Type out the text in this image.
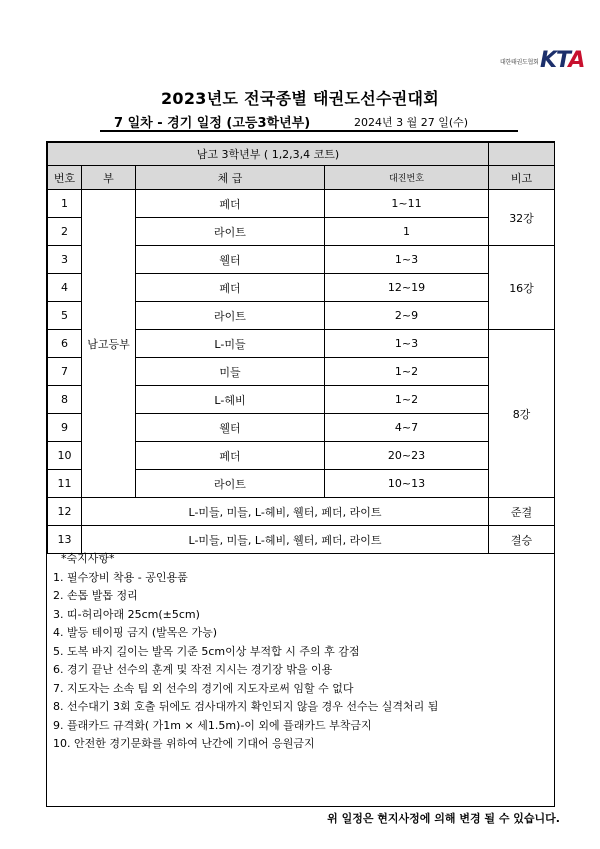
대한태권도협회 KTA
2023년도 전국종별 태권도선수권대회
7 일차 - 경기 일정 (고등3학년부)	2024년 3 월 27 일(수)
남고 3학년부 ( 1,2,3,4 코트)				
번호	부	체 급	대진번호	비고
1	남고등부	페더	1~11	32강
2		라이트	1	
3		웰터	1~3	16강
4		페더	12~19	
5		라이트	2~9	
6		L-미들	1~3	8강
7		미들	1~2	
8		L-헤비	1~2	
9		웰터	4~7	
10		페더	20~23	
11		라이트	10~13	
12	L-미들, 미들, L-헤비, 웰터, 페더, 라이트			준결
13	L-미들, 미들, L-헤비, 웰터, 페더, 라이트			결승
*숙지사항*
1. 필수장비 착용 - 공인용품
2. 손톱 발톱 정리
3. 띠-허리아래 25cm(±5cm)
4. 발등 테이핑 금지 (발목은 가능)
5. 도복 바지 길이는 발목 기준 5cm이상 부적합 시 주의 후 감점
6. 경기 끝난 선수의 훈계 및 작전 지시는 경기장 밖을 이용
7. 지도자는 소속 팀 외 선수의 경기에 지도자로써 임할 수 없다
8. 선수대기 3회 호출 뒤에도 검사대까지 확인되지 않을 경우 선수는 실격처리 됨
9. 플래카드 규격화( 가1m × 세1.5m)-이 외에 플래카드 부착금지
10. 안전한 경기문화를 위하여 난간에 기대어 응원금지
위 일정은 현지사정에 의해 변경 될 수 있습니다.
